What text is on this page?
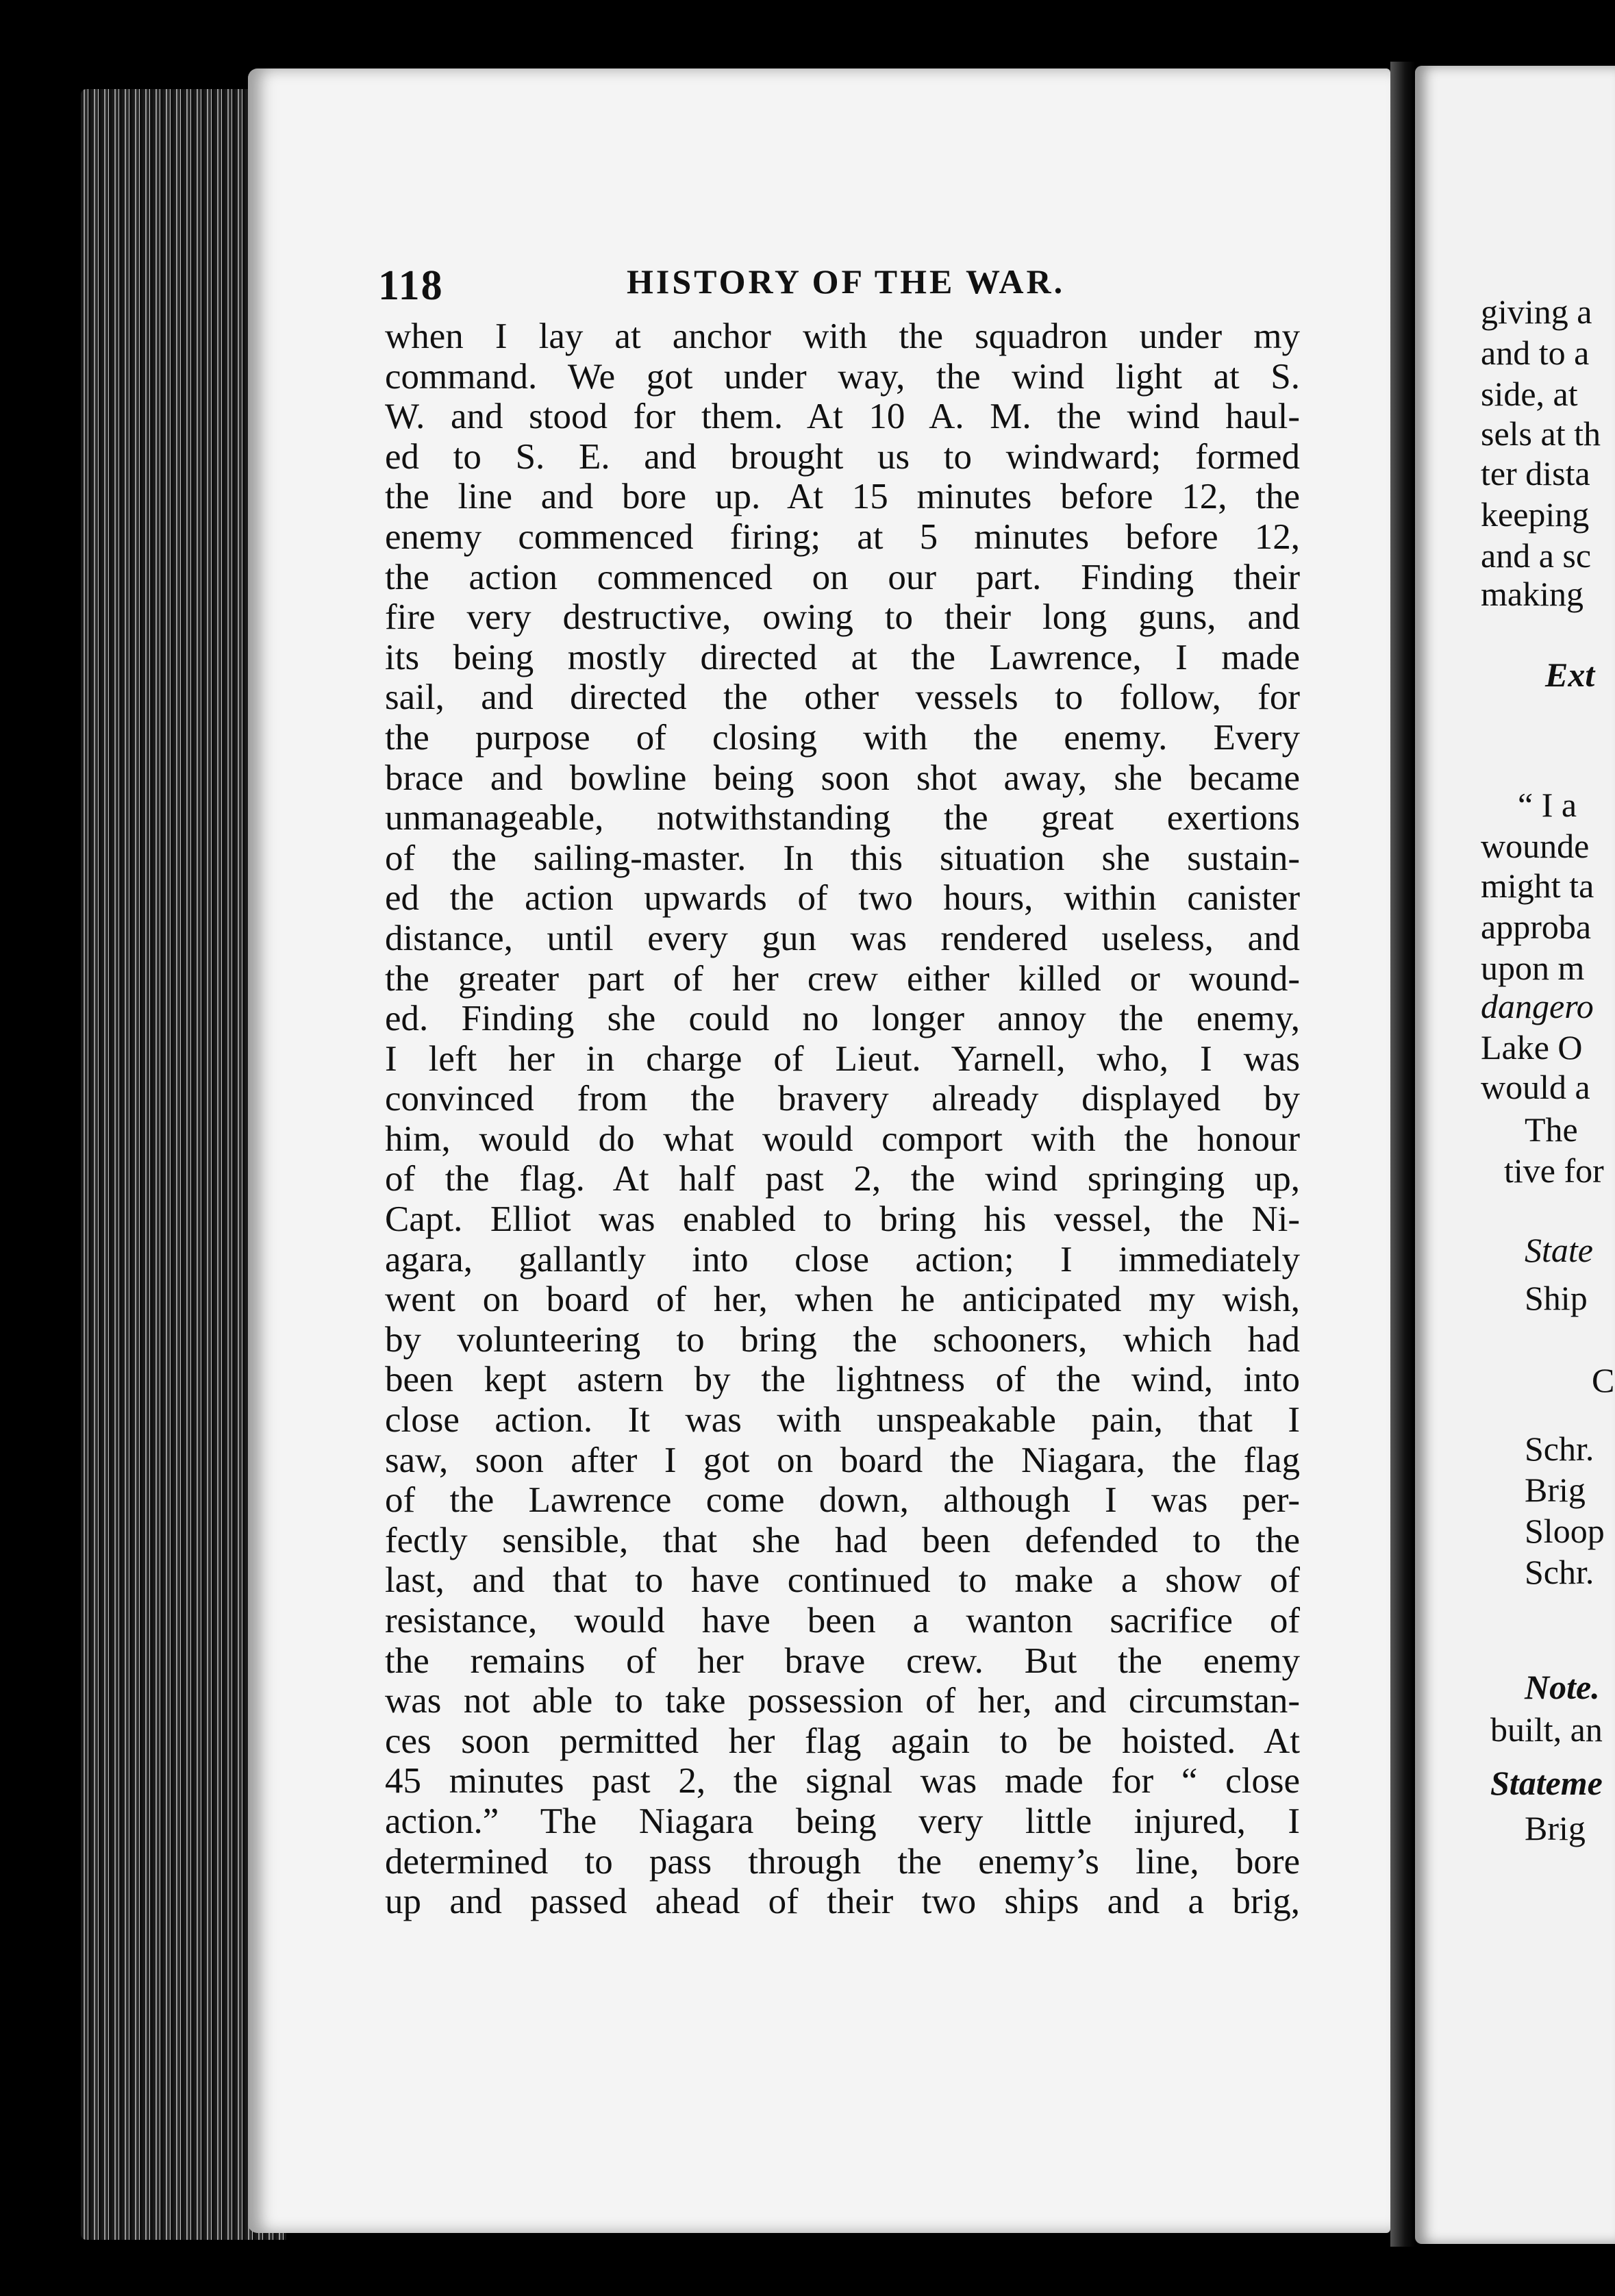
118	HISTORY OF THE WAR.
when I lay at anchor with the squadron under my
command. We got under way, the wind light at S.
W. and stood for them. At 10 A. M. the wind haul-
ed to S. E. and brought us to windward; formed
the line and bore up. At 15 minutes before 12, the
enemy commenced firing; at 5 minutes before 12,
the action commenced on our part. Finding their
fire very destructive, owing to their long guns, and
its being mostly directed at the Lawrence, I made
sail, and directed the other vessels to follow, for
the purpose of closing with the enemy. Every
brace and bowline being soon shot away, she became
unmanageable, notwithstanding the great exertions
of the sailing-master. In this situation she sustain-
ed the action upwards of two hours, within canister
distance, until every gun was rendered useless, and
the greater part of her crew either killed or wound-
ed. Finding she could no longer annoy the enemy,
I left her in charge of Lieut. Yarnell, who, I was
convinced from the bravery already displayed by
him, would do what would comport with the honour
of the flag. At half past 2, the wind springing up,
Capt. Elliot was enabled to bring his vessel, the Ni-
agara, gallantly into close action; I immediately
went on board of her, when he anticipated my wish,
by volunteering to bring the schooners, which had
been kept astern by the lightness of the wind, into
close action. It was with unspeakable pain, that I
saw, soon after I got on board the Niagara, the flag
of the Lawrence come down, although I was per-
fectly sensible, that she had been defended to the
last, and that to have continued to make a show of
resistance, would have been a wanton sacrifice of
the remains of her brave crew. But the enemy
was not able to take possession of her, and circumstan-
ces soon permitted her flag again to be hoisted. At
45 minutes past 2, the signal was made for “ close
action.” The Niagara being very little injured, I
determined to pass through the enemy’s line, bore
up and passed ahead of their two ships and a brig,
giving a
and to a
side, at
sels at th
ter dista
keeping
and a sc
making
Ext
“ I a
wounde
might ta
approba
upon m
dangero
Lake O
would a
The
tive for
State
Ship
C
Schr.
Brig
Sloop
Schr.
Note.
built, an
Stateme
Brig
